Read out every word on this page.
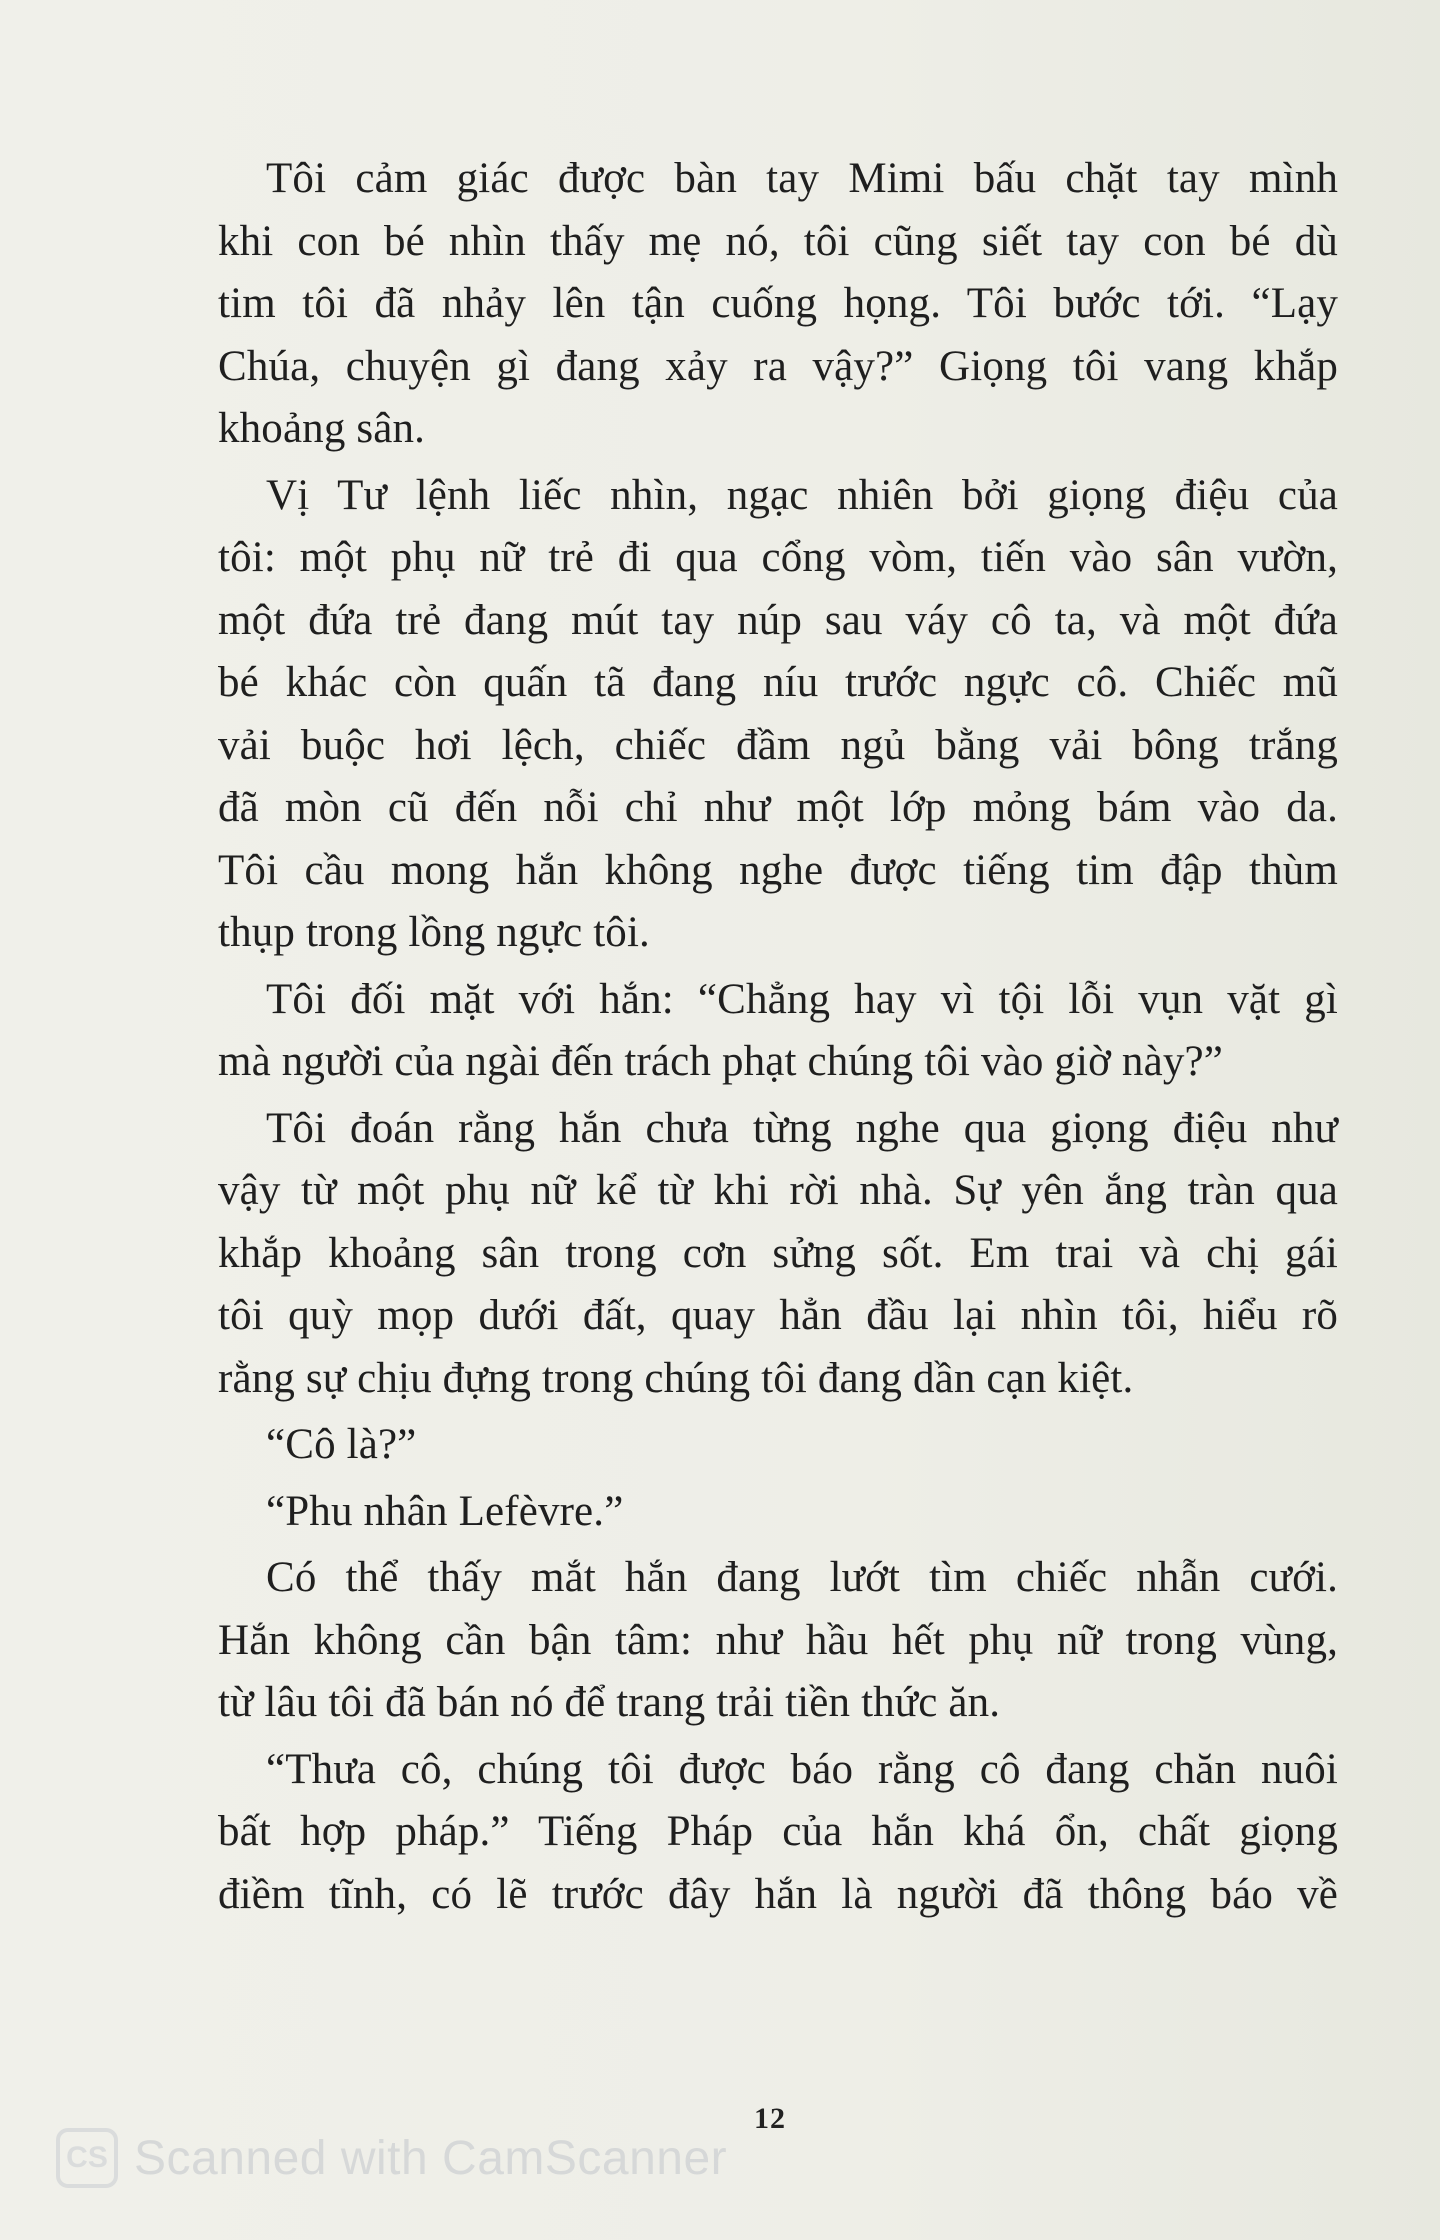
Tôi cảm giác được bàn tay Mimi bấu chặt tay mình
khi con bé nhìn thấy mẹ nó, tôi cũng siết tay con bé dù
tim tôi đã nhảy lên tận cuống họng. Tôi bước tới. “Lạy
Chúa, chuyện gì đang xảy ra vậy?” Giọng tôi vang khắp
khoảng sân.

Vị Tư lệnh liếc nhìn, ngạc nhiên bởi giọng điệu của
tôi: một phụ nữ trẻ đi qua cổng vòm, tiến vào sân vườn,
một đứa trẻ đang mút tay núp sau váy cô ta, và một đứa
bé khác còn quấn tã đang níu trước ngực cô. Chiếc mũ
vải buộc hơi lệch, chiếc đầm ngủ bằng vải bông trắng
đã mòn cũ đến nỗi chỉ như một lớp mỏng bám vào da.
Tôi cầu mong hắn không nghe được tiếng tim đập thùm
thụp trong lồng ngực tôi.

Tôi đối mặt với hắn: “Chẳng hay vì tội lỗi vụn vặt gì
mà người của ngài đến trách phạt chúng tôi vào giờ này?”

Tôi đoán rằng hắn chưa từng nghe qua giọng điệu như
vậy từ một phụ nữ kể từ khi rời nhà. Sự yên ắng tràn qua
khắp khoảng sân trong cơn sửng sốt. Em trai và chị gái
tôi quỳ mọp dưới đất, quay hẳn đầu lại nhìn tôi, hiểu rõ
rằng sự chịu đựng trong chúng tôi đang dần cạn kiệt.

“Cô là?”

“Phu nhân Lefèvre.”

Có thể thấy mắt hắn đang lướt tìm chiếc nhẫn cưới.
Hắn không cần bận tâm: như hầu hết phụ nữ trong vùng,
từ lâu tôi đã bán nó để trang trải tiền thức ăn.

“Thưa cô, chúng tôi được báo rằng cô đang chăn nuôi
bất hợp pháp.” Tiếng Pháp của hắn khá ổn, chất giọng
điềm tĩnh, có lẽ trước đây hắn là người đã thông báo về

12
CS Scanned with CamScanner
